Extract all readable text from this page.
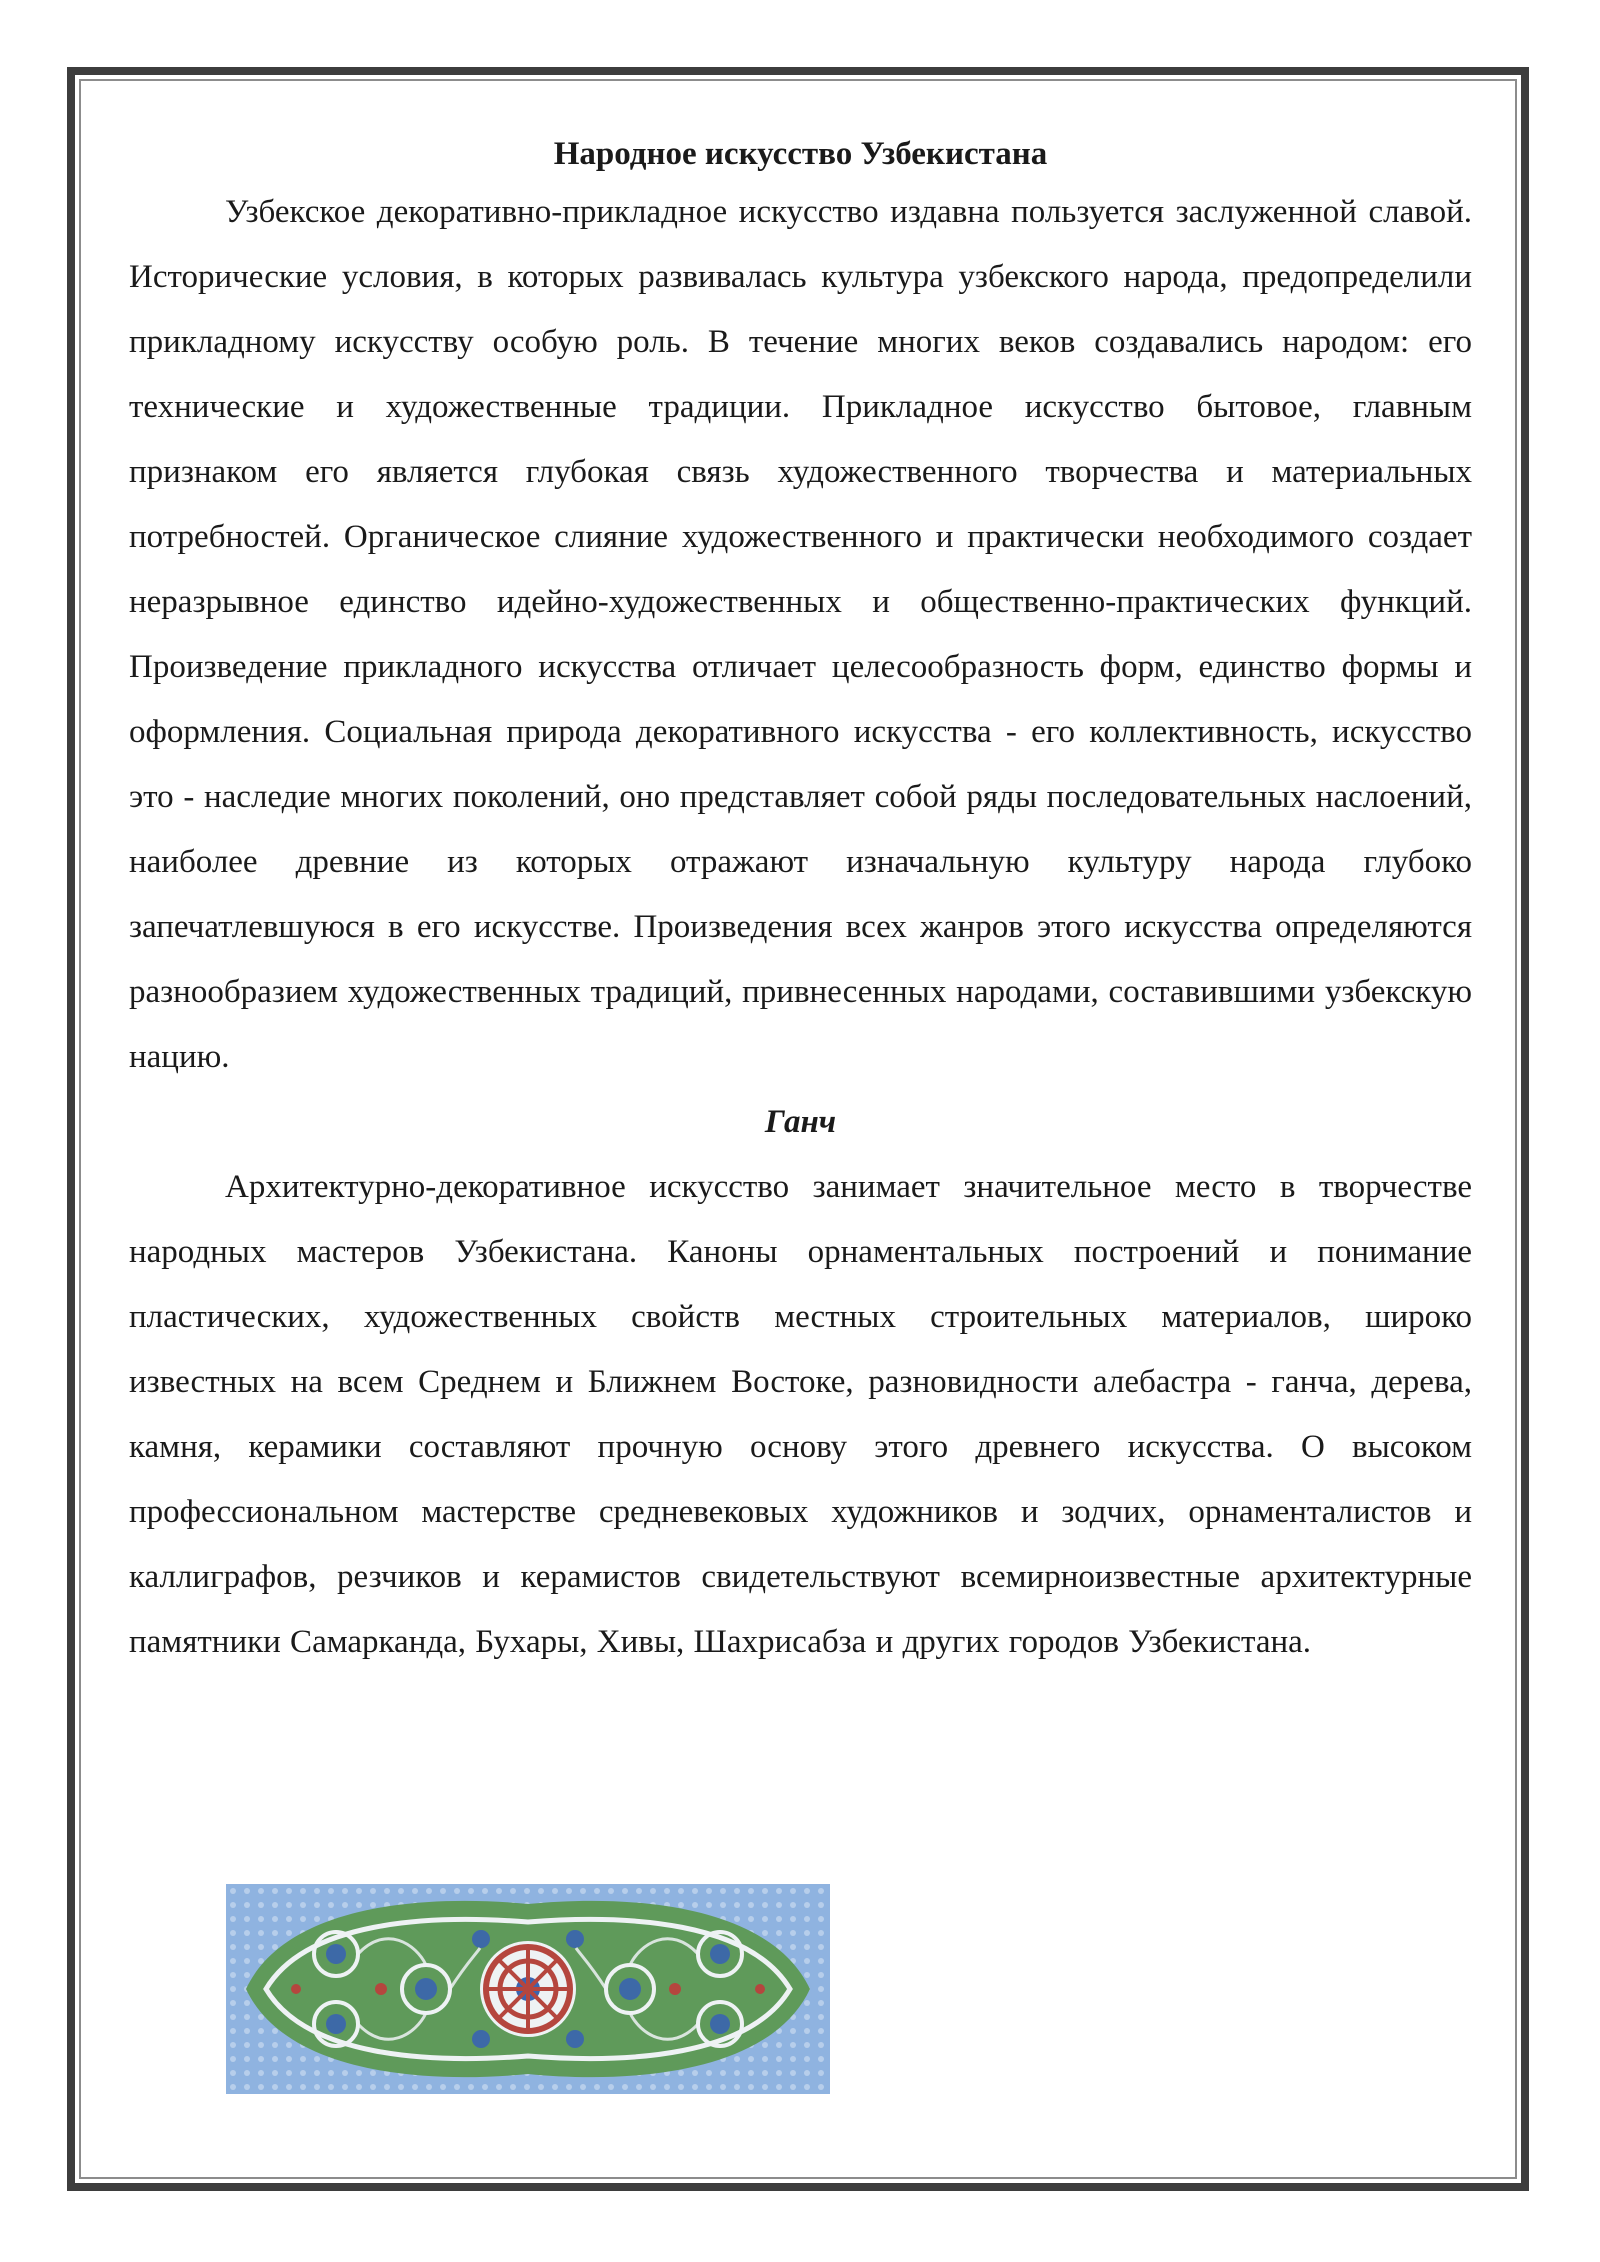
Народное искусство Узбекистана

Узбекское декоративно-прикладное искусство издавна пользуется заслуженной славой. Исторические условия, в которых развивалась культура узбекского народа, предопределили прикладному искусству особую роль. В течение многих веков создавались народом: его технические и художественные традиции. Прикладное искусство бытовое, главным признаком его является глубокая связь художественного творчества и материальных потребностей. Органическое слияние художественного и практически необходимого создает неразрывное единство идейно-художественных и общественно-практических функций. Произведение прикладного искусства отличает целесообразность форм, единство формы и оформления. Социальная природа декоративного искусства - его коллективность, искусство это - наследие многих поколений, оно представляет собой ряды последовательных наслоений, наиболее древние из которых отражают изначальную культуру народа глубоко запечатлевшуюся в его искусстве. Произведения всех жанров этого искусства определяются разнообразием художественных традиций, привнесенных народами, составившими узбекскую нацию.

Ганч

Архитектурно-декоративное искусство занимает значительное место в творчестве народных мастеров Узбекистана. Каноны орнаментальных построений и понимание пластических, художественных свойств местных строительных материалов, широко известных на всем Среднем и Ближнем Востоке, разновидности алебастра - ганча, дерева, камня, керамики составляют прочную основу этого древнего искусства. О высоком профессиональном мастерстве средневековых художников и зодчих, орнаменталистов и каллиграфов, резчиков и керамистов свидетельствуют всемирноизвестные архитектурные памятники Самарканда, Бухары, Хивы, Шахрисабза и других городов Узбекистана.
